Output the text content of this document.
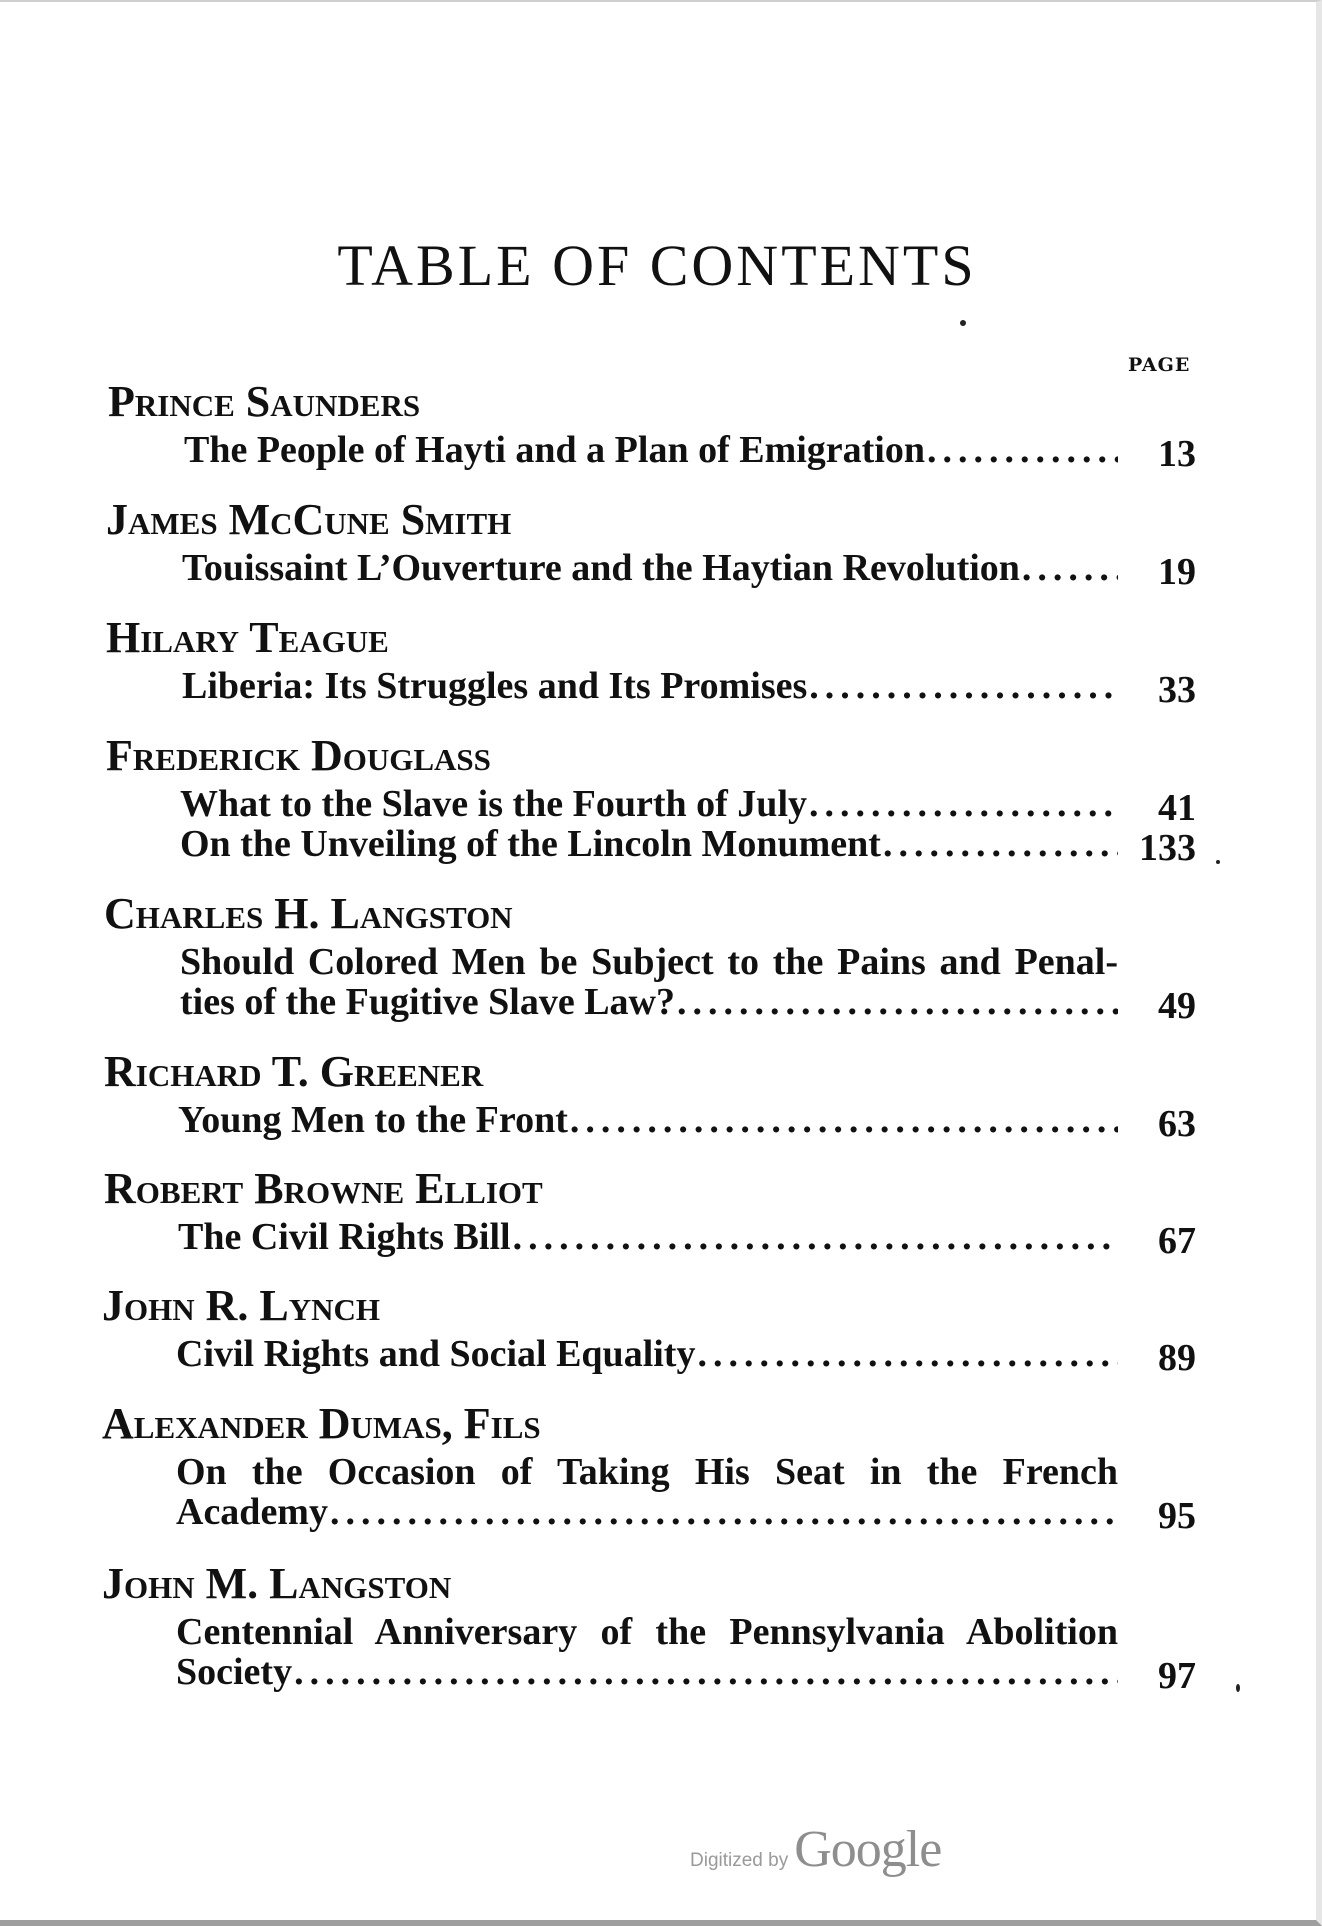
TABLE OF CONTENTS
PAGE
Prince Saunders
The People of Hayti and a Plan of Emigration .....	13
James McCune Smith
Touissaint L’Ouverture and the Haytian Revolution .....	19
Hilary Teague
Liberia: Its Struggles and Its Promises .....	33
Frederick Douglass
What to the Slave is the Fourth of July .....	41
On the Unveiling of the Lincoln Monument .....	133
Charles H. Langston
Should Colored Men be Subject to the Pains and Penal-
ties of the Fugitive Slave Law? .....	49
Richard T. Greener
Young Men to the Front .....	63
Robert Browne Elliot
The Civil Rights Bill .....	67
John R. Lynch
Civil Rights and Social Equality .....	89
Alexander Dumas, Fils
On the Occasion of Taking His Seat in the French
Academy .....	95
John M. Langston
Centennial Anniversary of the Pennsylvania Abolition
Society .....	97
Digitized by Google
